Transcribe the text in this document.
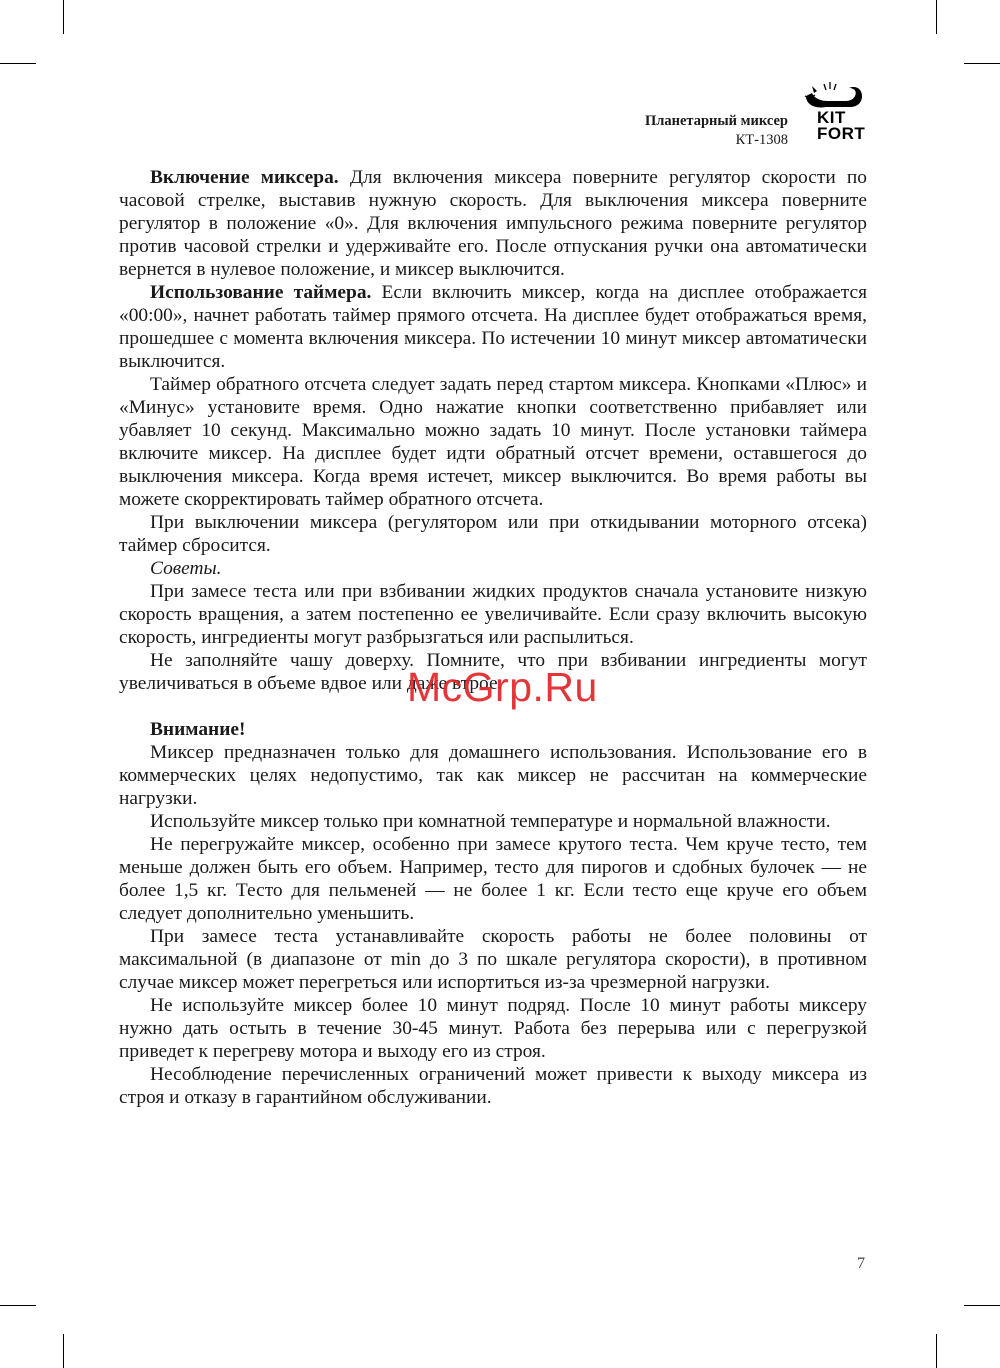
Планетарный миксер
КТ-1308
KIT FORT

Включение миксера. Для включения миксера поверните регулятор скорости по часовой стрелке, выставив нужную скорость. Для выключения миксера поверните регулятор в положение «0». Для включения импульсного режима поверните регулятор против часовой стрелки и удерживайте его. После отпускания ручки она автоматически вернется в нулевое положение, и миксер выключится.

Использование таймера. Если включить миксер, когда на дисплее отображается «00:00», начнет работать таймер прямого отсчета. На дисплее будет отображаться время, прошедшее с момента включения миксера. По истечении 10 минут миксер автоматически выключится.

Таймер обратного отсчета следует задать перед стартом миксера. Кнопками «Плюс» и «Минус» установите время. Одно нажатие кнопки соответственно прибавляет или убавляет 10 секунд. Максимально можно задать 10 минут. После установки таймера включите миксер. На дисплее будет идти обратный отсчет времени, оставшегося до выключения миксера. Когда время истечет, миксер выключится. Во время работы вы можете скорректировать таймер обратного отсчета.

При выключении миксера (регулятором или при откидывании моторного отсека) таймер сбросится.

Советы.

При замесе теста или при взбивании жидких продуктов сначала установите низкую скорость вращения, а затем постепенно ее увеличивайте. Если сразу включить высокую скорость, ингредиенты могут разбрызгаться или распылиться.

Не заполняйте чашу доверху. Помните, что при взбивании ингредиенты могут увеличиваться в объеме вдвое или даже втрое.

Внимание!

Миксер предназначен только для домашнего использования. Использование его в коммерческих целях недопустимо, так как миксер не рассчитан на коммерческие нагрузки.

Используйте миксер только при комнатной температуре и нормальной влажности.

Не перегружайте миксер, особенно при замесе крутого теста. Чем круче тесто, тем меньше должен быть его объем. Например, тесто для пирогов и сдобных булочек — не более 1,5 кг. Тесто для пельменей — не более 1 кг. Если тесто еще круче его объем следует дополнительно уменьшить.

При замесе теста устанавливайте скорость работы не более половины от максимальной (в диапазоне от min до 3 по шкале регулятора скорости), в противном случае миксер может перегреться или испортиться из-за чрезмерной нагрузки.

Не используйте миксер более 10 минут подряд. После 10 минут работы миксеру нужно дать остыть в течение 30-45 минут. Работа без перерыва или с перегрузкой приведет к перегреву мотора и выходу его из строя.

Несоблюдение перечисленных ограничений может привести к выходу миксера из строя и отказу в гарантийном обслуживании.

McGrp.Ru
7
